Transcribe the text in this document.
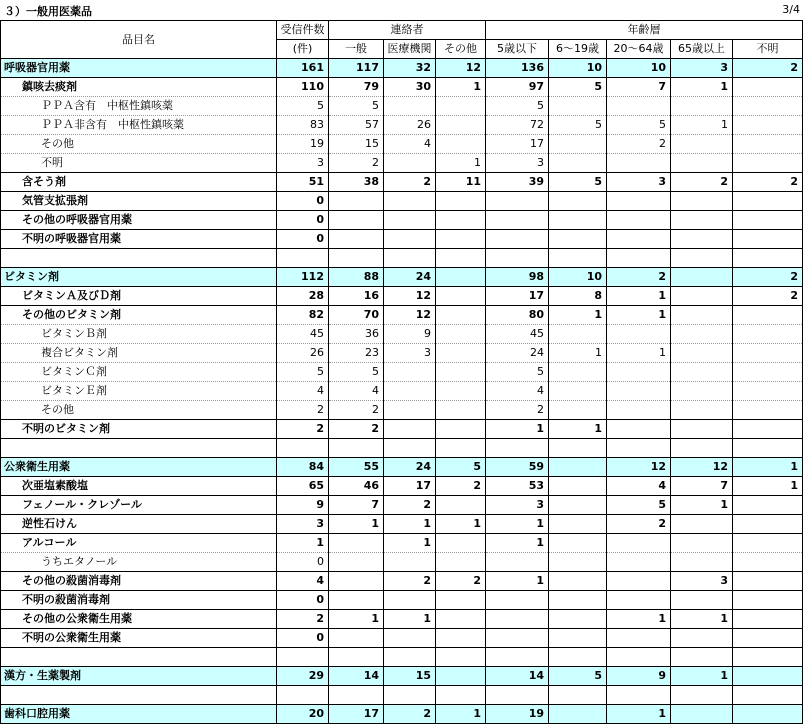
３）一般用医薬品	3/4
品目名	受信件数	連絡者			年齢層				
	(件)	一般	医療機関	その他	5歳以下	6～19歳	20～64歳	65歳以上	不明
呼吸器官用薬	161	117	32	12	136	10	10	3	2
鎮咳去痰剤	110	79	30	1	97	5	7	1	
ＰＰＡ含有　中枢性鎮咳薬	5	5			5				
ＰＰＡ非含有　中枢性鎮咳薬	83	57	26		72	5	5	1	
その他	19	15	4		17		2		
不明	3	2		1	3				
含そう剤	51	38	2	11	39	5	3	2	2
気管支拡張剤	0								
その他の呼吸器官用薬	0								
不明の呼吸器官用薬	0								

ビタミン剤	112	88	24		98	10	2		2
ビタミンＡ及びＤ剤	28	16	12		17	8	1		2
その他のビタミン剤	82	70	12		80	1	1		
ビタミンＢ剤	45	36	9		45				
複合ビタミン剤	26	23	3		24	1	1		
ビタミンＣ剤	5	5			5				
ビタミンＥ剤	4	4			4				
その他	2	2			2				
不明のビタミン剤	2	2			1	1			

公衆衛生用薬	84	55	24	5	59		12	12	1
次亜塩素酸塩	65	46	17	2	53		4	7	1
フェノール・クレゾール	9	7	2		3		5	1	
逆性石けん	3	1	1	1	1		2		
アルコール	1		1		1				
うちエタノール	0								
その他の殺菌消毒剤	4		2	2	1			3	
不明の殺菌消毒剤	0								
その他の公衆衛生用薬	2	1	1				1	1	
不明の公衆衛生用薬	0								

漢方・生薬製剤	29	14	15		14	5	9	1	

歯科口腔用薬	20	17	2	1	19		1		
